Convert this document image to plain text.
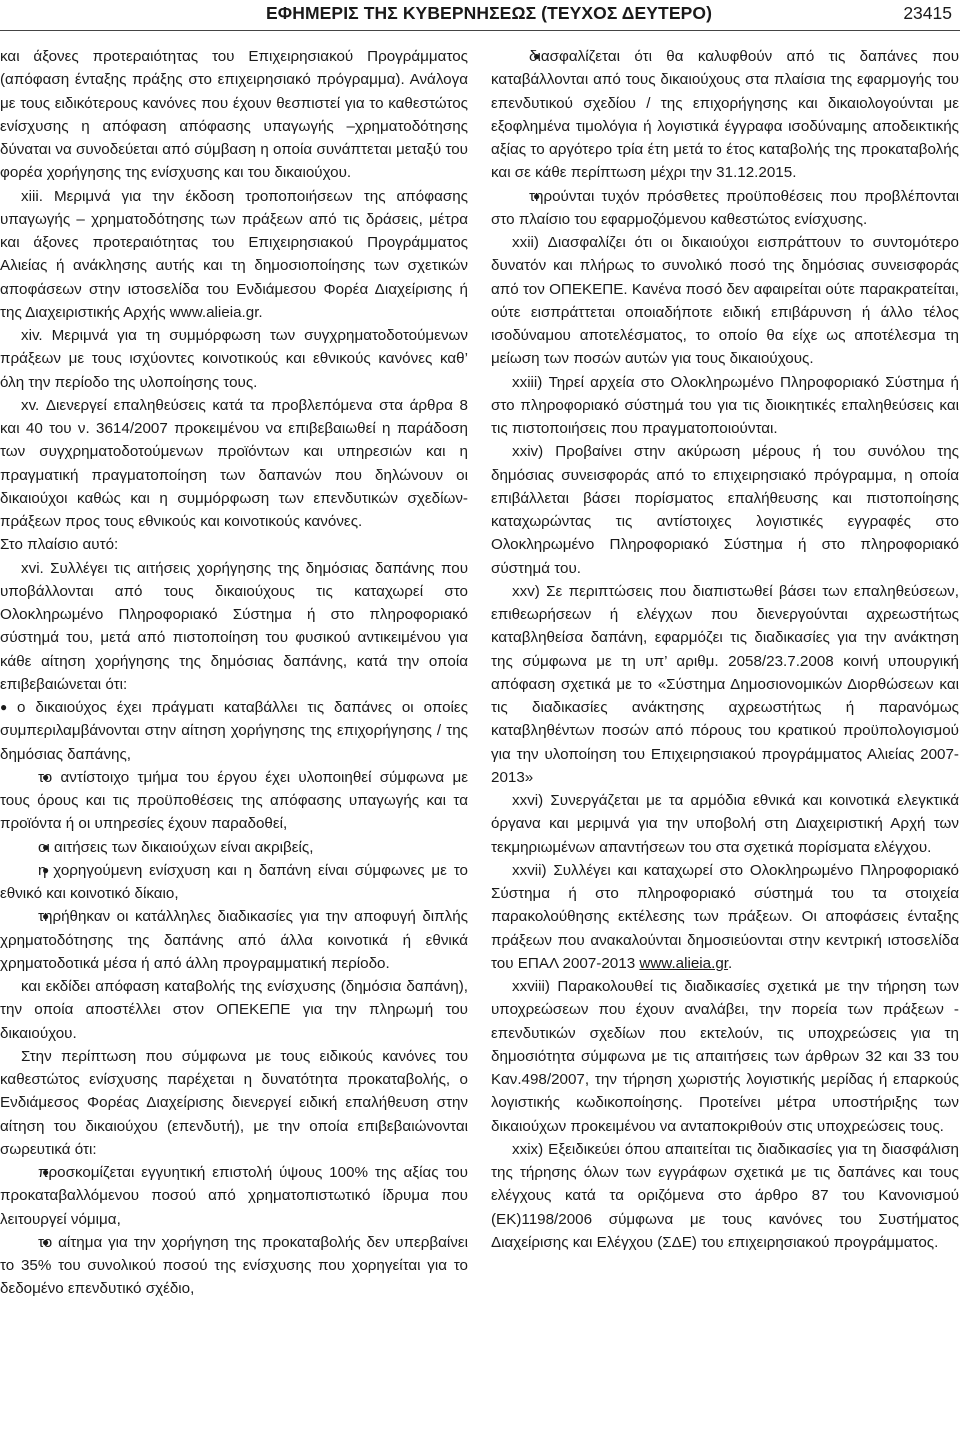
ΕΦΗΜΕΡΙΣ ΤΗΣ ΚΥΒΕΡΝΗΣΕΩΣ (ΤΕΥΧΟΣ ΔΕΥΤΕΡΟ)	23415

και άξονες προτεραιότητας του Επιχειρησιακού Προγράμματος (απόφαση ένταξης πράξης στο επιχειρησιακό πρόγραμμα). Ανάλογα με τους ειδικότερους κανόνες που έχουν θεσπιστεί για το καθεστώτος ενίσχυσης η απόφαση απόφασης υπαγωγής –χρηματοδότησης δύναται να συνοδεύεται από σύμβαση η οποία συνάπτεται μεταξύ του φορέα χορήγησης της ενίσχυσης και του δικαιούχου.

xiii. Μεριμνά για την έκδοση τροποποιήσεων της απόφασης υπαγωγής – χρηματοδότησης των πράξεων από τις δράσεις, μέτρα και άξονες προτεραιότητας του Επιχειρησιακού Προγράμματος Αλιείας ή ανάκλησης αυτής και τη δημοσιοποίησης των σχετικών αποφάσεων στην ιστοσελίδα του Ενδιάμεσου Φορέα Διαχείρισης ή της Διαχειριστικής Αρχής www.alieia.gr.

xiv. Μεριμνά για τη συμμόρφωση των συγχρηματοδοτούμενων πράξεων με τους ισχύοντες κοινοτικούς και εθνικούς κανόνες καθ’ όλη την περίοδο της υλοποίησης τους.

xv. Διενεργεί επαληθεύσεις κατά τα προβλεπόμενα στα άρθρα 8 και 40 του ν. 3614/2007 προκειμένου να επιβεβαιωθεί η παράδοση των συγχρηματοδοτούμενων προϊόντων και υπηρεσιών και η πραγματική πραγματοποίηση των δαπανών που δηλώνουν οι δικαιούχοι καθώς και η συμμόρφωση των επενδυτικών σχεδίων-πράξεων προς τους εθνικούς και κοινοτικούς κανόνες.

Στο πλαίσιο αυτό:

xvi. Συλλέγει τις αιτήσεις χορήγησης της δημόσιας δαπάνης που υποβάλλονται από τους δικαιούχους τις καταχωρεί στο Ολοκληρωμένο Πληροφοριακό Σύστημα ή στο πληροφοριακό σύστημά του, μετά από πιστοποίηση του φυσικού αντικειμένου για κάθε αίτηση χορήγησης της δημόσιας δαπάνης, κατά την οποία επιβεβαιώνεται ότι:

● ο δικαιούχος έχει πράγματι καταβάλλει τις δαπάνες οι οποίες συμπεριλαμβάνονται στην αίτηση χορήγησης της επιχορήγησης / της δημόσιας δαπάνης,

● το αντίστοιχο τμήμα του έργου έχει υλοποιηθεί σύμφωνα με τους όρους και τις προϋποθέσεις της απόφασης υπαγωγής και τα προϊόντα ή οι υπηρεσίες έχουν παραδοθεί,

● οι αιτήσεις των δικαιούχων είναι ακριβείς,

● η χορηγούμενη ενίσχυση και η δαπάνη είναι σύμφωνες με το εθνικό και κοινοτικό δίκαιο,

● τηρήθηκαν οι κατάλληλες διαδικασίες για την αποφυγή διπλής χρηματοδότησης της δαπάνης από άλλα κοινοτικά ή εθνικά χρηματοδοτικά μέσα ή από άλλη προγραμματική περίοδο.

και εκδίδει απόφαση καταβολής της ενίσχυσης (δημόσια δαπάνη), την οποία αποστέλλει στον ΟΠΕΚΕΠΕ για την πληρωμή του δικαιούχου.

Στην περίπτωση που σύμφωνα με τους ειδικούς κανόνες του καθεστώτος ενίσχυσης παρέχεται η δυνατότητα προκαταβολής, ο Ενδιάμεσος Φορέας Διαχείρισης διενεργεί ειδική επαλήθευση στην αίτηση του δικαιούχου (επενδυτή), με την οποία επιβεβαιώνονται σωρευτικά ότι:

● προσκομίζεται εγγυητική επιστολή ύψους 100% της αξίας του προκαταβαλλόμενου ποσού από χρηματοπιστωτικό ίδρυμα που λειτουργεί νόμιμα,

● το αίτημα για την χορήγηση της προκαταβολής δεν υπερβαίνει το 35% του συνολικού ποσού της ενίσχυσης που χορηγείται για το δεδομένο επενδυτικό σχέδιο,

● διασφαλίζεται ότι θα καλυφθούν από τις δαπάνες που καταβάλλονται από τους δικαιούχους στα πλαίσια της εφαρμογής του επενδυτικού σχεδίου / της επιχορήγησης και δικαιολογούνται με εξοφλημένα τιμολόγια ή λογιστικά έγγραφα ισοδύναμης αποδεικτικής αξίας το αργότερο τρία έτη μετά το έτος καταβολής της προκαταβολής και σε κάθε περίπτωση μέχρι την 31.12.2015.

● τηρούνται τυχόν πρόσθετες προϋποθέσεις που προβλέπονται στο πλαίσιο του εφαρμοζόμενου καθεστώτος ενίσχυσης.

xxii) Διασφαλίζει ότι οι δικαιούχοι εισπράττουν το συντομότερο δυνατόν και πλήρως το συνολικό ποσό της δημόσιας συνεισφοράς από τον ΟΠΕΚΕΠΕ. Κανένα ποσό δεν αφαιρείται ούτε παρακρατείται, ούτε εισπράττεται οποιαδήποτε ειδική επιβάρυνση ή άλλο τέλος ισοδύναμου αποτελέσματος, το οποίο θα είχε ως αποτέλεσμα τη μείωση των ποσών αυτών για τους δικαιούχους.

xxiii) Τηρεί αρχεία στο Ολοκληρωμένο Πληροφοριακό Σύστημα ή στο πληροφοριακό σύστημά του για τις διοικητικές επαληθεύσεις και τις πιστοποιήσεις που πραγματοποιούνται.

xxiv) Προβαίνει στην ακύρωση μέρους ή του συνόλου της δημόσιας συνεισφοράς από το επιχειρησιακό πρόγραμμα, η οποία επιβάλλεται βάσει πορίσματος επαλήθευσης και πιστοποίησης καταχωρώντας τις αντίστοιχες λογιστικές εγγραφές στο Ολοκληρωμένο Πληροφοριακό Σύστημα ή στο πληροφοριακό σύστημά του.

xxv) Σε περιπτώσεις που διαπιστωθεί βάσει των επαληθεύσεων, επιθεωρήσεων ή ελέγχων που διενεργούνται αχρεωστήτως καταβληθείσα δαπάνη, εφαρμόζει τις διαδικασίες για την ανάκτηση της σύμφωνα με τη υπ’ αριθμ. 2058/23.7.2008 κοινή υπουργική απόφαση σχετικά με το «Σύστημα Δημοσιονομικών Διορθώσεων και τις διαδικασίες ανάκτησης αχρεωστήτως ή παρανόμως καταβληθέντων ποσών από πόρους του κρατικού προϋπολογισμού για την υλοποίηση του Επιχειρησιακού προγράμματος Αλιείας 2007-2013»

xxvi) Συνεργάζεται με τα αρμόδια εθνικά και κοινοτικά ελεγκτικά όργανα και μεριμνά για την υποβολή στη Διαχειριστική Αρχή των τεκμηριωμένων απαντήσεων του στα σχετικά πορίσματα ελέγχου.

xxvii) Συλλέγει και καταχωρεί στο Ολοκληρωμένο Πληροφοριακό Σύστημα ή στο πληροφοριακό σύστημά του τα στοιχεία παρακολούθησης εκτέλεσης των πράξεων. Οι αποφάσεις ένταξης πράξεων που ανακαλούνται δημοσιεύονται στην κεντρική ιστοσελίδα του ΕΠΑΛ 2007-2013 www.alieia.gr.

xxviii) Παρακολουθεί τις διαδικασίες σχετικά με την τήρηση των υποχρεώσεων που έχουν αναλάβει, την πορεία των πράξεων - επενδυτικών σχεδίων που εκτελούν, τις υποχρεώσεις για τη δημοσιότητα σύμφωνα με τις απαιτήσεις των άρθρων 32 και 33 του Καν.498/2007, την τήρηση χωριστής λογιστικής μερίδας ή επαρκούς λογιστικής κωδικοποίησης. Προτείνει μέτρα υποστήριξης των δικαιούχων προκειμένου να ανταποκριθούν στις υποχρεώσεις τους.

xxix) Εξειδικεύει όπου απαιτείται τις διαδικασίες για τη διασφάλιση της τήρησης όλων των εγγράφων σχετικά με τις δαπάνες και τους ελέγχους κατά τα οριζόμενα στο άρθρο 87 του Κανονισμού (ΕΚ)1198/2006 σύμφωνα με τους κανόνες του Συστήματος Διαχείρισης και Ελέγχου (ΣΔΕ) του επιχειρησιακού προγράμματος.
